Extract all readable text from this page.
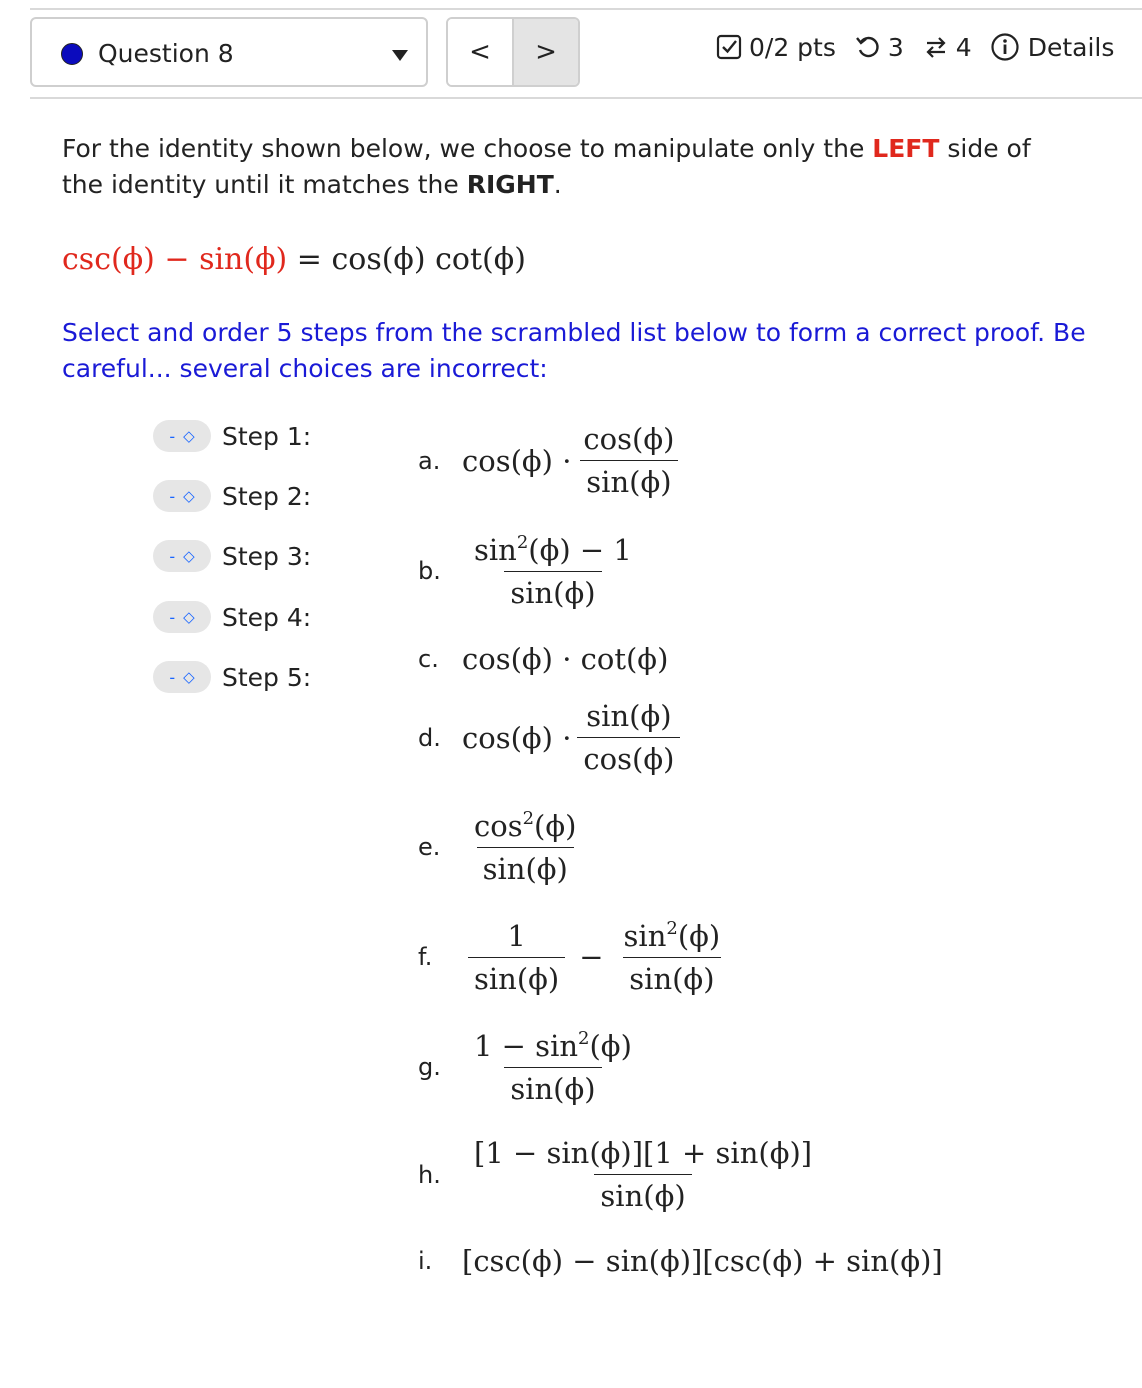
Question 8	<	>	0/2 pts 3 4 Details
For the identity shown below, we choose to manipulate only the LEFT side of the identity until it matches the RIGHT.
csc(ϕ) − sin(ϕ) = cos(ϕ) cot(ϕ)
Select and order 5 steps from the scrambled list below to form a correct proof. Be careful... several choices are incorrect:
- ◇ Step 1:
- ◇ Step 2:
- ◇ Step 3:
- ◇ Step 4:
- ◇ Step 5:
a. $\cos(\phi) \cdot \frac{\cos(\phi)}{\sin(\phi)}$
b. $\frac{\sin^2(\phi) - 1}{\sin(\phi)}$
c. cos(ϕ) · cot(ϕ)
d. $\cos(\phi) \cdot \frac{\sin(\phi)}{\cos(\phi)}$
e. $\frac{\cos^2(\phi)}{\sin(\phi)}$
f.	$\frac{1}{\sin(\phi)} - \frac{\sin^2(\phi)}{\sin(\phi)}$
g. $\frac{1 - \sin^2(\phi)}{\sin(\phi)}$
h. $\frac{[1 - \sin(\phi)][1 + \sin(\phi)]}{\sin(\phi)}$
i.	[csc(ϕ) − sin(ϕ)][csc(ϕ) + sin(ϕ)]
